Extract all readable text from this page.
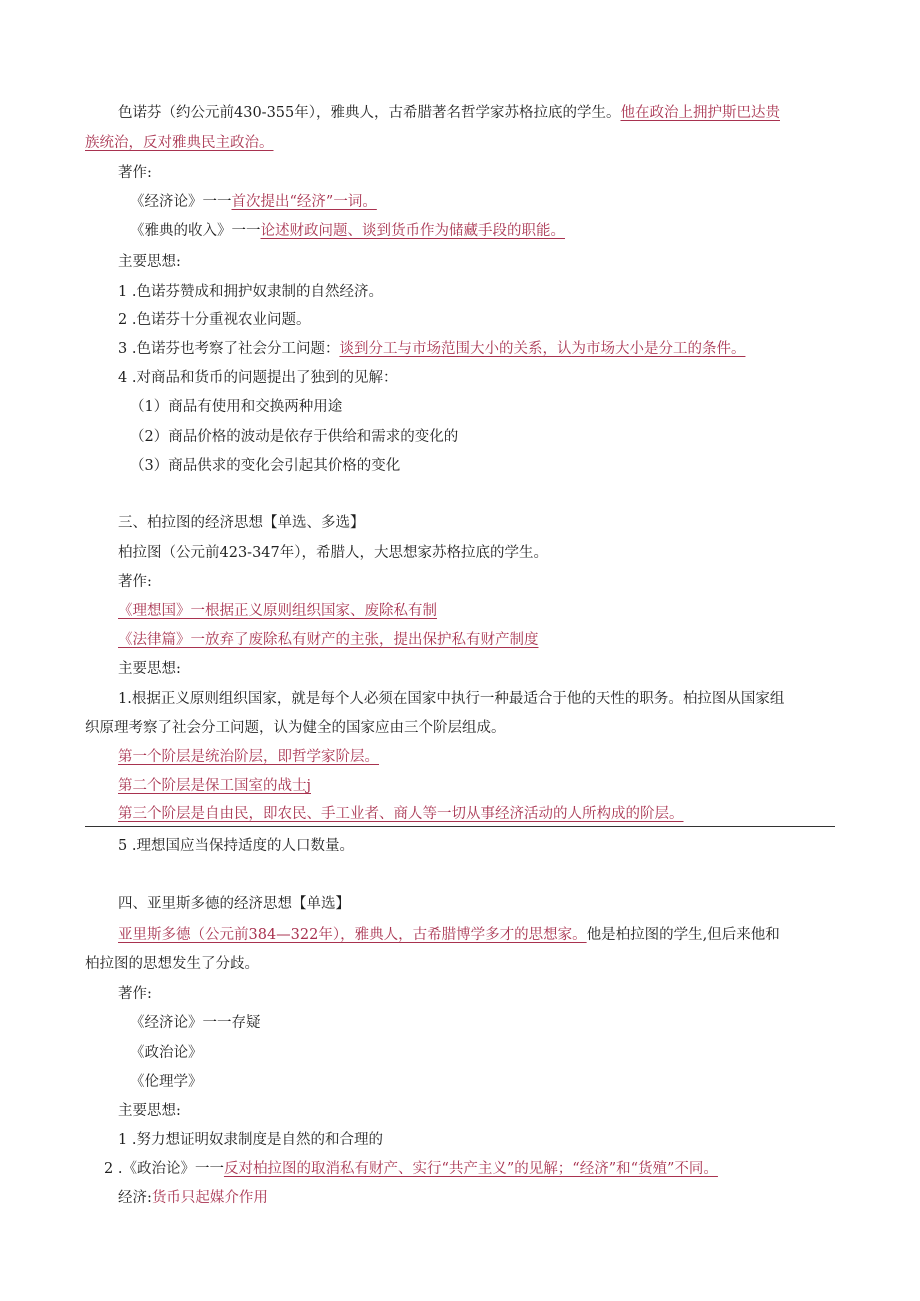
色诺芬（约公元前430-355年），雅典人，古希腊著名哲学家苏格拉底的学生。他在政治上拥护斯巴达贵
族统治，反对雅典民主政治。
著作:
《经济论》一一首次提出“经济”一词。
《雅典的收入》一一论述财政问题、谈到货币作为储藏手段的职能。
主要思想:
1 .色诺芬赞成和拥护奴隶制的自然经济。
2 .色诺芬十分重视农业问题。
3 .色诺芬也考察了社会分工问题：谈到分工与市场范围大小的关系，认为市场大小是分工的条件。
4 .对商品和货币的问题提出了独到的见解：
（1）商品有使用和交换两种用途
（2）商品价格的波动是依存于供给和需求的变化的
（3）商品供求的变化会引起其价格的变化
三、柏拉图的经济思想【单选、多选】
柏拉图（公元前423-347年），希腊人，大思想家苏格拉底的学生。
著作:
《理想国》一根据正义原则组织国家、废除私有制
《法律篇》一放弃了废除私有财产的主张，提出保护私有财产制度
主要思想:
1.根据正义原则组织国家，就是每个人必须在国家中执行一种最适合于他的天性的职务。柏拉图从国家组
织原理考察了社会分工问题，认为健全的国家应由三个阶层组成。
第一个阶层是统治阶层，即哲学家阶层。
第二个阶层是保工国室的战士j
第三个阶层是自由民，即农民、手工业者、商人等一切从事经济活动的人所构成的阶层。
5 .理想国应当保持适度的人口数量。
四、亚里斯多德的经济思想【单选】
亚里斯多德（公元前384—322年），雅典人，古希腊博学多才的思想家。他是柏拉图的学生,但后来他和
柏拉图的思想发生了分歧。
著作:
《经济论》一一存疑
《政治论》
《伦理学》
主要思想:
1 .努力想证明奴隶制度是自然的和合理的
2 .《政治论》一一反对柏拉图的取消私有财产、实行“共产主义”的见解；“经济”和“货殖”不同。
经济:货币只起媒介作用
